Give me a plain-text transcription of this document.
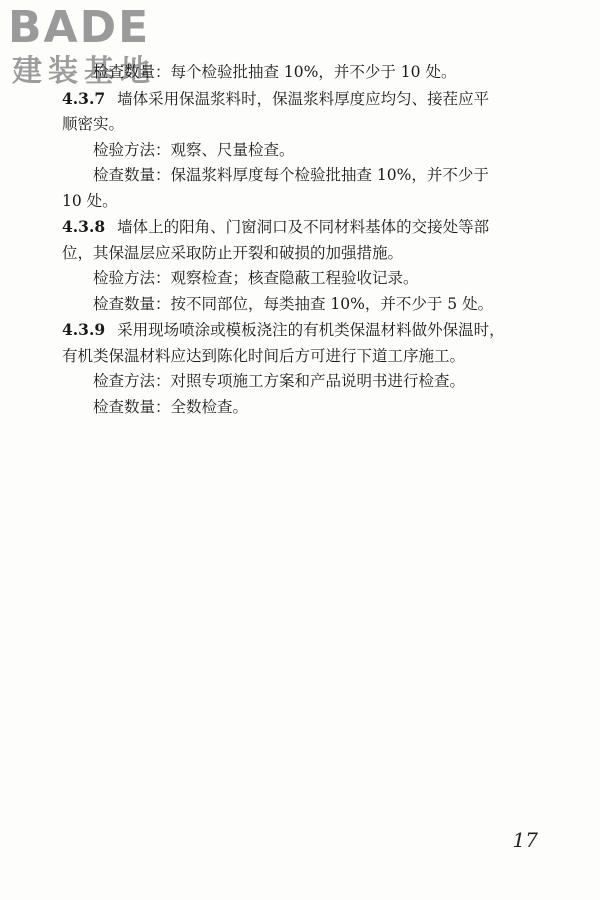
BADE
建装基地

检查数量：每个检验批抽查 10%，并不少于 10 处。

4.3.7 墙体采用保温浆料时，保温浆料厚度应均匀、接茬应平

顺密实。

检验方法：观察、尺量检查。

检查数量：保温浆料厚度每个检验批抽查 10%，并不少于

10 处。

4.3.8 墙体上的阳角、门窗洞口及不同材料基体的交接处等部

位，其保温层应采取防止开裂和破损的加强措施。

检验方法：观察检查；核查隐蔽工程验收记录。

检查数量：按不同部位，每类抽查 10%，并不少于 5 处。

4.3.9 采用现场喷涂或模板浇注的有机类保温材料做外保温时，

有机类保温材料应达到陈化时间后方可进行下道工序施工。

检查方法：对照专项施工方案和产品说明书进行检查。

检查数量：全数检查。

17
